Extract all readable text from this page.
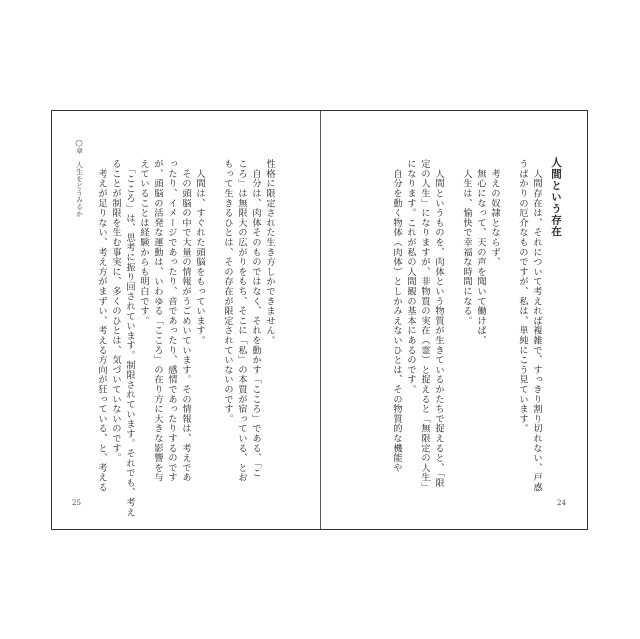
◯章　人生をどうみるか	性格に限定された生き方しかできません。
　自分は、肉体そのものではなく、それを動かす「こころ」である、「こ
ころ」は無限大の広がりをもち、そこに「私」の本質が宿っている、とお
もって生きるひとは、その存在が限定されていないのです。
　人間は、すぐれた頭脳をもっています。
　その頭脳の中で大量の情報がうごめいています。その情報は、考えであ
ったり、イメージであったり、音であったり、感情であったりするのです
が、頭脳の活発な運動は、いわゆる「こころ」の在り方に大きな影響を与
えていることは経験からも明白です。
　「こころ」は、思考に振り回されています。制限されています。それでも、考え
ることが制限を生む事実に、多くのひとは、気づいていないのです。
　考えが足りない、考え方がまずい、考える方向が狂っている、と、考える
25
人間という存在
　人間存在は、それについて考えれば複雑で、すっきり割り切れない、戸惑
うばかりの厄介なものですが、私は、単純にこう見ています。
　考えの奴隷とならず、
　無心になって、天の声を聞いて働けば、
　人生は、愉快で幸福な時間になる。
　人間というものを、肉体という物質が生きているかたちで捉えると、「限
定の人生」になりますが、非物質の実在（霊）と捉えると「無限定の人生」
になります。これが私の人間観の基本にあるのです。
　自分を動く物体（肉体）としかみえないひとは、その物質的な機能や
24
